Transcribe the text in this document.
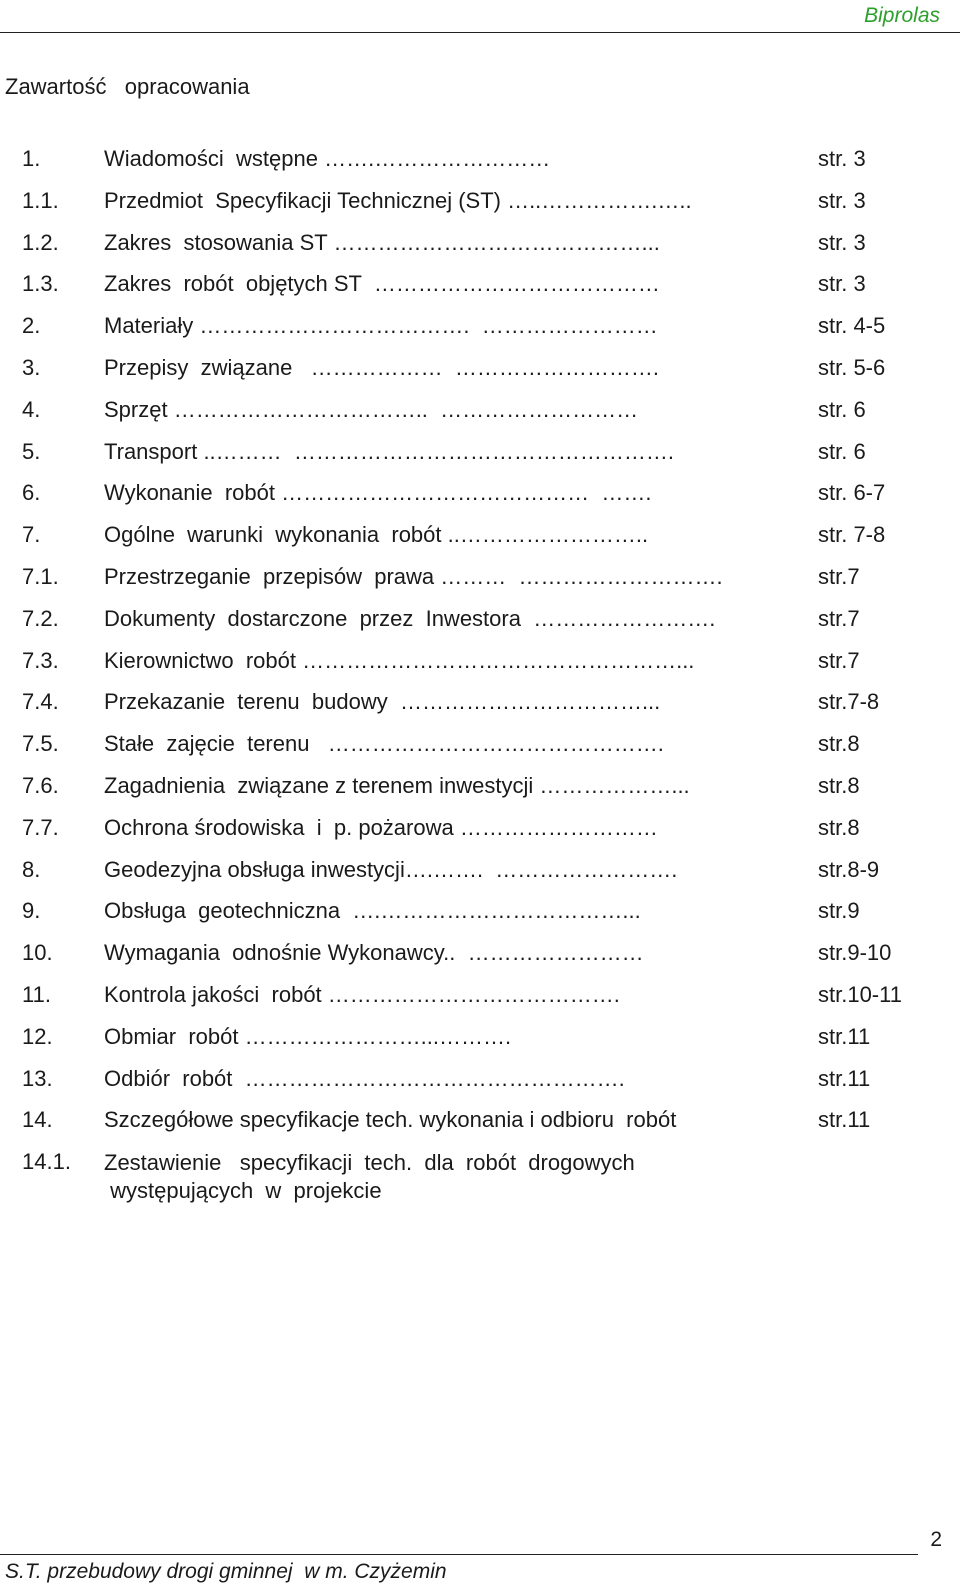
Biprolas
Zawartość   opracowania
1.	Wiadomości  wstępne …….……………………	str. 3
1.1. Przedmiot  Specyfikacji Technicznej (ST) …..…………….…..	str. 3
1.2. Zakres  stosowania ST ……………………………………...	str. 3
1.3. Zakres  robót  objętych ST  …………………………………	str. 3
2.	Materiały ……………………………….  ……………………	str. 4-5
3.	Przepisy  związane   ………………  ……………………….	str. 5-6
4.	Sprzęt ……………………………..  ………………………	str. 6
5.	Transport ..………  …………………………………………….	str. 6
6.	Wykonanie  robót ……………………………………  …….	str. 6-7
7.	Ogólne  warunki  wykonania  robót ..……………………..	str. 7-8
7.1. Przestrzeganie  przepisów  prawa ………  ……………………….	str.7
7.2. Dokumenty  dostarczone  przez  Inwestora  …………………….	str.7
7.3. Kierownictwo  robót ……………………………………………...	str.7
7.4. Przekazanie  terenu  budowy  ……………………………...	str.7-8
7.5. Stałe  zajęcie  terenu   ……………………………………….	str.8
7.6. Zagadnienia  związane z terenem inwestycji ………………...	str.8
7.7. Ochrona środowiska  i  p. pożarowa ………………………	str.8
8.	Geodezyjna obsługa inwestycji….…….  …………………….	str.8-9
9.	Obsługa  geotechniczna  ….……………………………...	str.9
10. Wymagania  odnośnie Wykonawcy..  ……………………	str.9-10
11. Kontrola jakości  robót ………………………………….	str.10-11
12. Obmiar  robót ……………………...……….	str.11
13. Odbiór  robót  …………………………………………….	str.11
14. Szczegółowe specyfikacje tech. wykonania i odbioru  robót	str.11
14.1. Zestawienie   specyfikacji  tech.  dla  robót  drogowych
występujących  w  projekcie
S.T. przebudowy drogi gminnej  w m. Czyżemin
2
